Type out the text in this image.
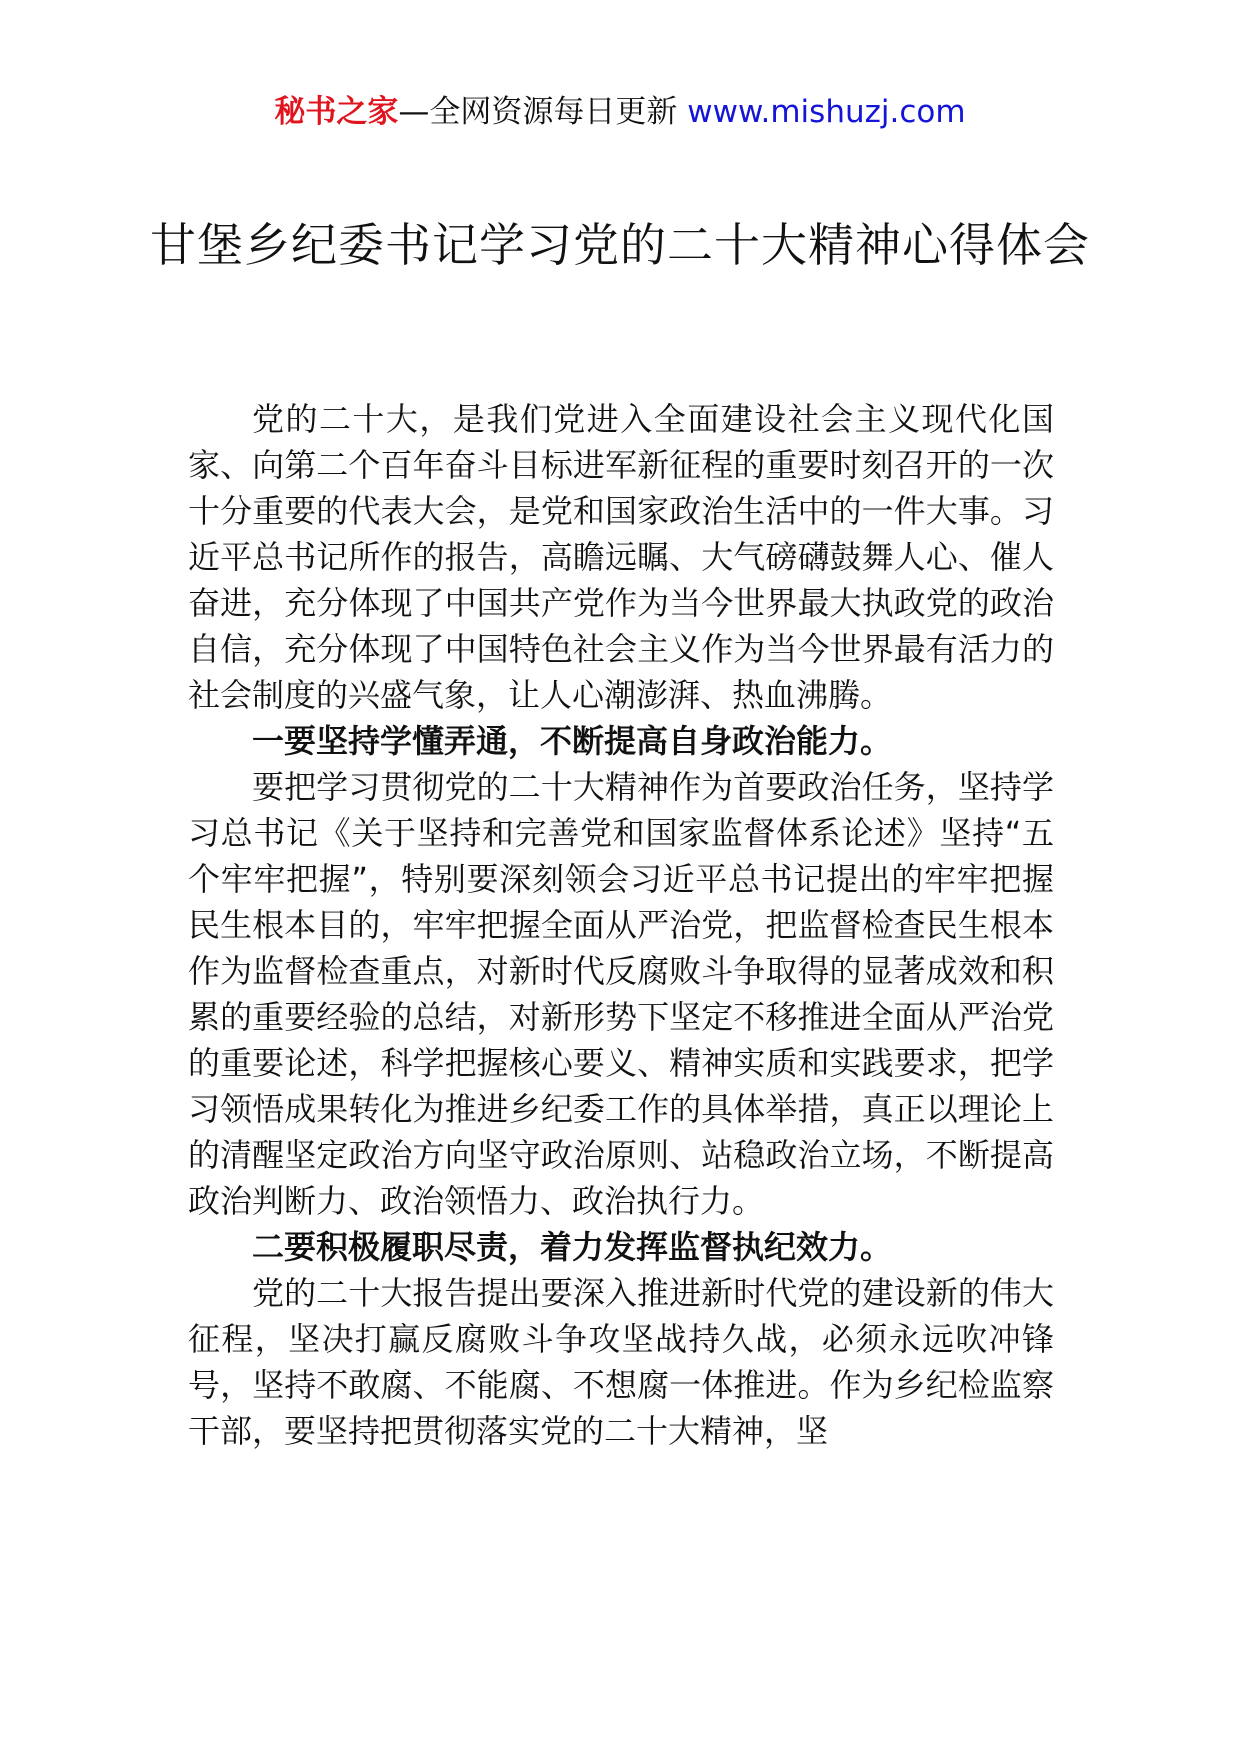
秘书之家—全网资源每日更新 www.mishuzj.com
甘堡乡纪委书记学习党的二十大精神心得体会

党的二十大，是我们党进入全面建设社会主义现代化国家、向第二个百年奋斗目标进军新征程的重要时刻召开的一次十分重要的代表大会，是党和国家政治生活中的一件大事。习近平总书记所作的报告，高瞻远瞩、大气磅礴鼓舞人心、催人奋进，充分体现了中国共产党作为当今世界最大执政党的政治自信，充分体现了中国特色社会主义作为当今世界最有活力的社会制度的兴盛气象，让人心潮澎湃、热血沸腾。

一要坚持学懂弄通，不断提高自身政治能力。

要把学习贯彻党的二十大精神作为首要政治任务，坚持学习总书记《关于坚持和完善党和国家监督体系论述》坚持“五个牢牢把握”，特别要深刻领会习近平总书记提出的牢牢把握民生根本目的，牢牢把握全面从严治党，把监督检查民生根本作为监督检查重点，对新时代反腐败斗争取得的显著成效和积累的重要经验的总结，对新形势下坚定不移推进全面从严治党的重要论述，科学把握核心要义、精神实质和实践要求，把学习领悟成果转化为推进乡纪委工作的具体举措，真正以理论上的清醒坚定政治方向坚守政治原则、站稳政治立场，不断提高政治判断力、政治领悟力、政治执行力。

二要积极履职尽责，着力发挥监督执纪效力。

党的二十大报告提出要深入推进新时代党的建设新的伟大征程，坚决打赢反腐败斗争攻坚战持久战，必须永远吹冲锋号，坚持不敢腐、不能腐、不想腐一体推进。作为乡纪检监察干部，要坚持把贯彻落实党的二十大精神，坚
